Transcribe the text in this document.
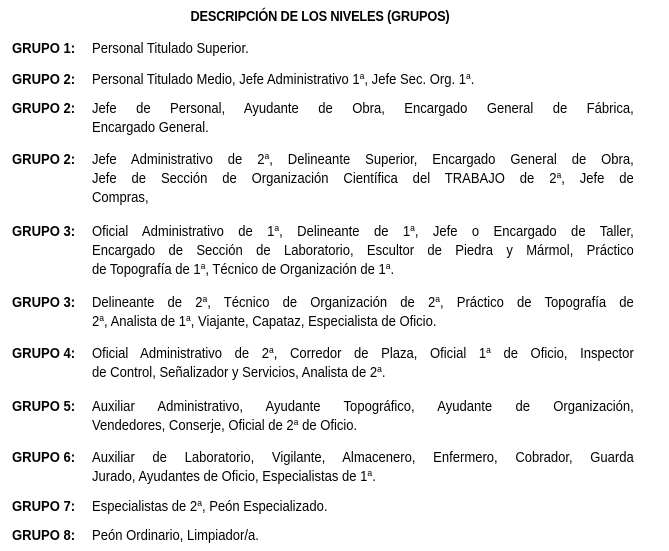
DESCRIPCIÓN DE LOS NIVELES (GRUPOS)
GRUPO 1: Personal Titulado Superior.
GRUPO 2: Personal Titulado Medio, Jefe Administrativo 1$^a$, Jefe Sec. Org. 1$^a$.
GRUPO 2: Jefe de Personal, Ayudante de Obra, Encargado General de Fábrica,
Encargado General.
GRUPO 2: Jefe Administrativo de 2$^a$, Delineante Superior, Encargado General de Obra,
Jefe de Sección de Organización Científica del TRABAJO de 2$^a$, Jefe de
Compras,
GRUPO 3: Oficial Administrativo de 1$^a$, Delineante de 1$^a$, Jefe o Encargado de Taller,
Encargado de Sección de Laboratorio, Escultor de Piedra y Mármol, Práctico
de Topografía de 1$^a$, Técnico de Organización de 1$^a$.
GRUPO 3: Delineante de 2$^a$, Técnico de Organización de 2$^a$, Práctico de Topografía de
2$^a$, Analista de 1$^a$, Viajante, Capataz, Especialista de Oficio.
GRUPO 4: Oficial Administrativo de 2$^a$, Corredor de Plaza, Oficial 1$^a$ de Oficio, Inspector
de Control, Señalizador y Servicios, Analista de 2$^a$.
GRUPO 5: Auxiliar Administrativo, Ayudante Topográfico, Ayudante de Organización,
Vendedores, Conserje, Oficial de 2$^a$ de Oficio.
GRUPO 6: Auxiliar de Laboratorio, Vigilante, Almacenero, Enfermero, Cobrador, Guarda
Jurado, Ayudantes de Oficio, Especialistas de 1$^a$.
GRUPO 7: Especialistas de 2$^a$, Peón Especializado.
GRUPO 8: Peón Ordinario, Limpiador/a.
